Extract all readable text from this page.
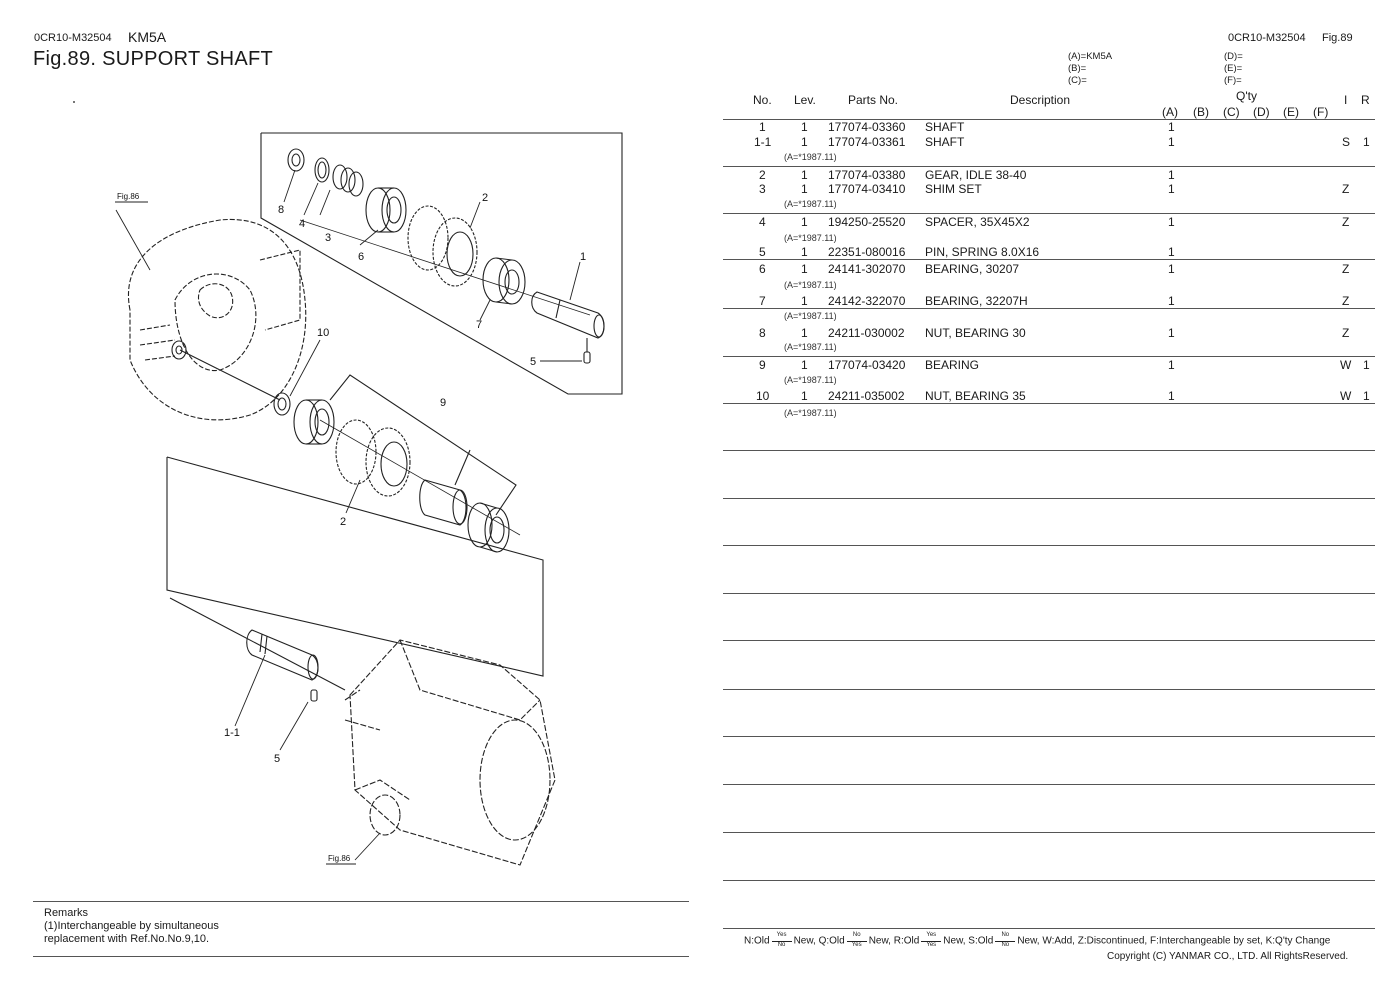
0CR10-M32504 KM5A
Fig.89. SUPPORT SHAFT
0CR10-M32504 Fig.89
(A)=KM5A
(B)=
(C)=
(D)=
(E)=
(F)=
No. Lev.	Parts No.	Description	Q'ty
(A) (B) (C) (D) (E) (F)
I R
1	1 177074-03360 SHAFT	1
1-1 1 177074-03361 SHAFT	1	S 1
(A=*1987.11)
2	1 177074-03380 GEAR, IDLE 38-40	1
3	1 177074-03410 SHIM SET	1	Z
(A=*1987.11)
4	1 194250-25520 SPACER, 35X45X2	1	Z
(A=*1987.11)
5	1 22351-080016 PIN, SPRING 8.0X16	1
6	1 24141-302070 BEARING, 30207	1	Z
(A=*1987.11)
7	1 24142-322070 BEARING, 32207H	1	Z
(A=*1987.11)
8	1 24211-030002 NUT, BEARING 30	1	Z
(A=*1987.11)
9	1 177074-03420 BEARING	1	W 1
(A=*1987.11)
10	1 24211-035002 NUT, BEARING 35	1	W 1
(A=*1987.11)
N:Old
Yes
No New, Q:Old
No
Yes New, R:Old
Yes
Yes New, S:Old $\frac{No}{No}$ New, W:Add, Z:Discontinued, F:Interchangeable by set, K:Q'ty Change
Copyright (C) YANMAR CO., LTD. All RightsReserved.
Remarks
(1)Interchangeable by simultaneous
replacement with Ref.No.No.9,10.
8
4
3
6
2
1
7
5
10
9
2
1-1
5
Fig.86
Fig.86
